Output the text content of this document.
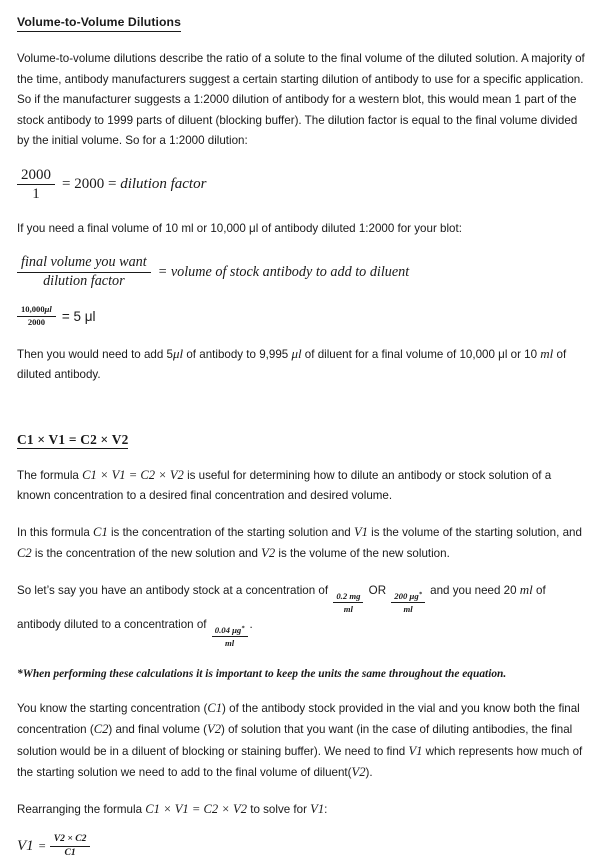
Volume-to-Volume Dilutions

Volume-to-volume dilutions describe the ratio of a solute to the final volume of the diluted solution. A majority of the time, antibody manufacturers suggest a certain starting dilution of antibody to use for a specific application. So if the manufacturer suggests a 1:2000 dilution of antibody for a western blot, this would mean 1 part of the stock antibody to 1999 parts of diluent (blocking buffer). The dilution factor is equal to the final volume divided by the initial volume. So for a 1:2000 dilution:

$\frac{2000}{1} = 2000$ = dilution factor

If you need a final volume of 10 ml or 10,000 μl of antibody diluted 1:2000 for your blot:

$\frac{\text{final volume you want}}{\text{dilution factor}}$ = volume of stock antibody to add to diluent
$\frac{10,000\mu l}{2000} = 5$ μl

Then you would need to add 5μl of antibody to 9,995 μl of diluent for a final volume of 10,000 μl or 10 ml of diluted antibody.

C1 × V1 = C2 × V2

The formula C1 × V1 = C2 × V2 is useful for determining how to dilute an antibody or stock solution of a known concentration to a desired final concentration and desired volume.

In this formula C1 is the concentration of the starting solution and V1 is the volume of the starting solution, and C2 is the concentration of the new solution and V2 is the volume of the new solution.

So let’s say you have an antibody stock at a concentration of
$\frac{0.2 mg}{ml}$
OR
$\frac{200 \mu g^*}{ml}$
and you need 20 ml of antibody diluted to a concentration of
$\frac{0.04 \mu g^*}{ml}$
.

*When performing these calculations it is important to keep the units the same throughout the equation.

You know the starting concentration (C1) of the antibody stock provided in the vial and you know both the final concentration (C2) and final volume (V2) of solution that you want (in the case of diluting antibodies, the final solution would be in a diluent of blocking or staining buffer). We need to find V1 which represents how much of the starting solution we need to add to the final volume of diluent(V2).

Rearranging the formula C1 × V1 = C2 × V2 to solve for V1:

$V1 = \frac{V2 \times C2}{C1}$
